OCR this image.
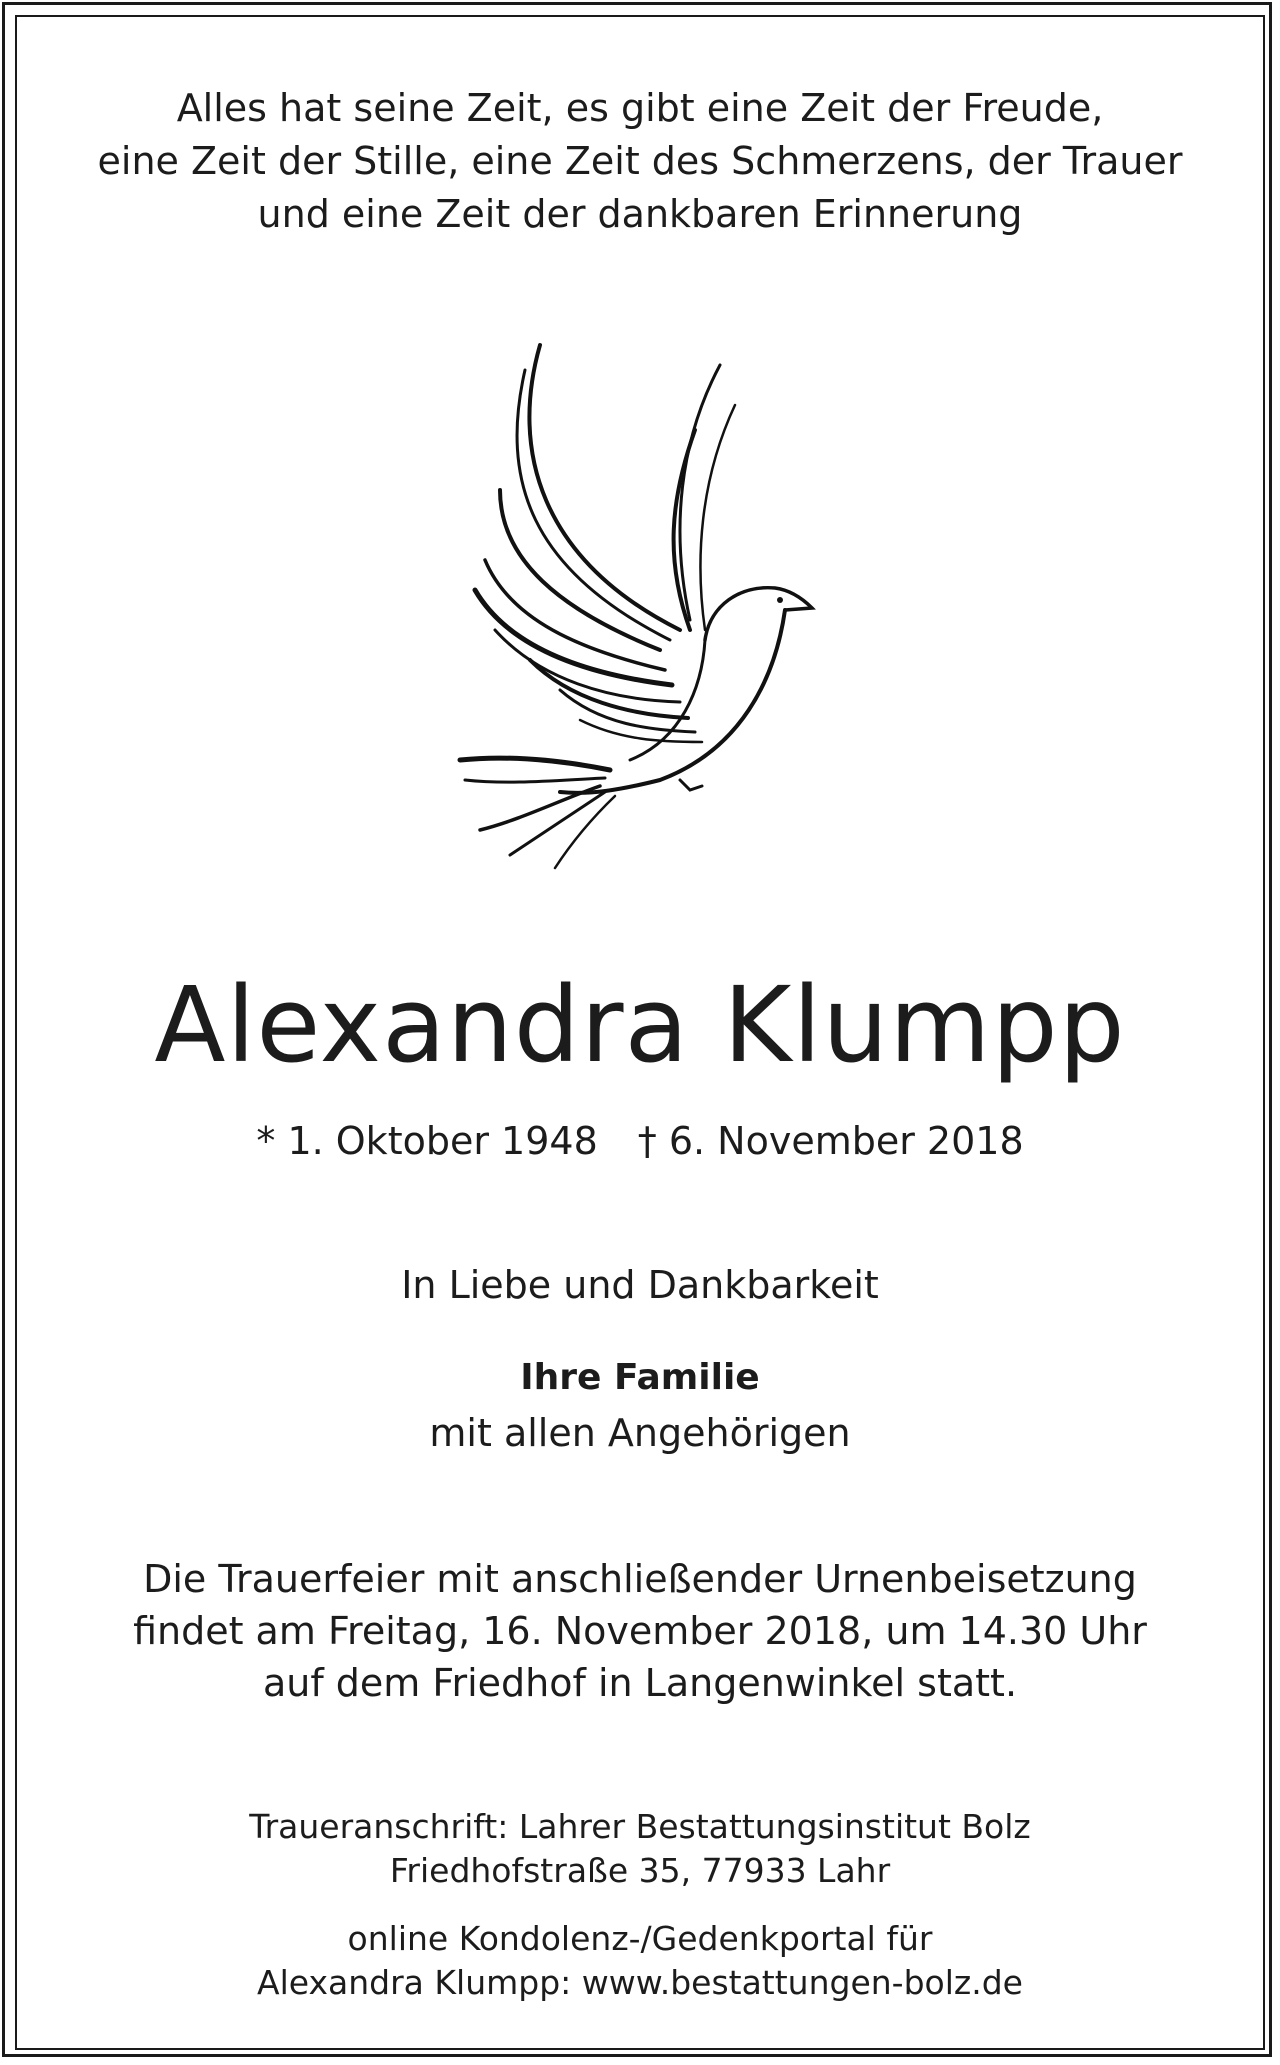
Alles hat seine Zeit, es gibt eine Zeit der Freude,
eine Zeit der Stille, eine Zeit des Schmerzens, der Trauer
und eine Zeit der dankbaren Erinnerung
Alexandra Klumpp
* 1. Oktober 1948 † 6. November 2018
In Liebe und Dankbarkeit
Ihre Familie
mit allen Angehörigen
Die Trauerfeier mit anschließender Urnenbeisetzung
findet am Freitag, 16. November 2018, um 14.30 Uhr
auf dem Friedhof in Langenwinkel statt.
Traueranschrift: Lahrer Bestattungsinstitut Bolz
Friedhofstraße 35, 77933 Lahr
online Kondolenz-/Gedenkportal für
Alexandra Klumpp: www.bestattungen-bolz.de
